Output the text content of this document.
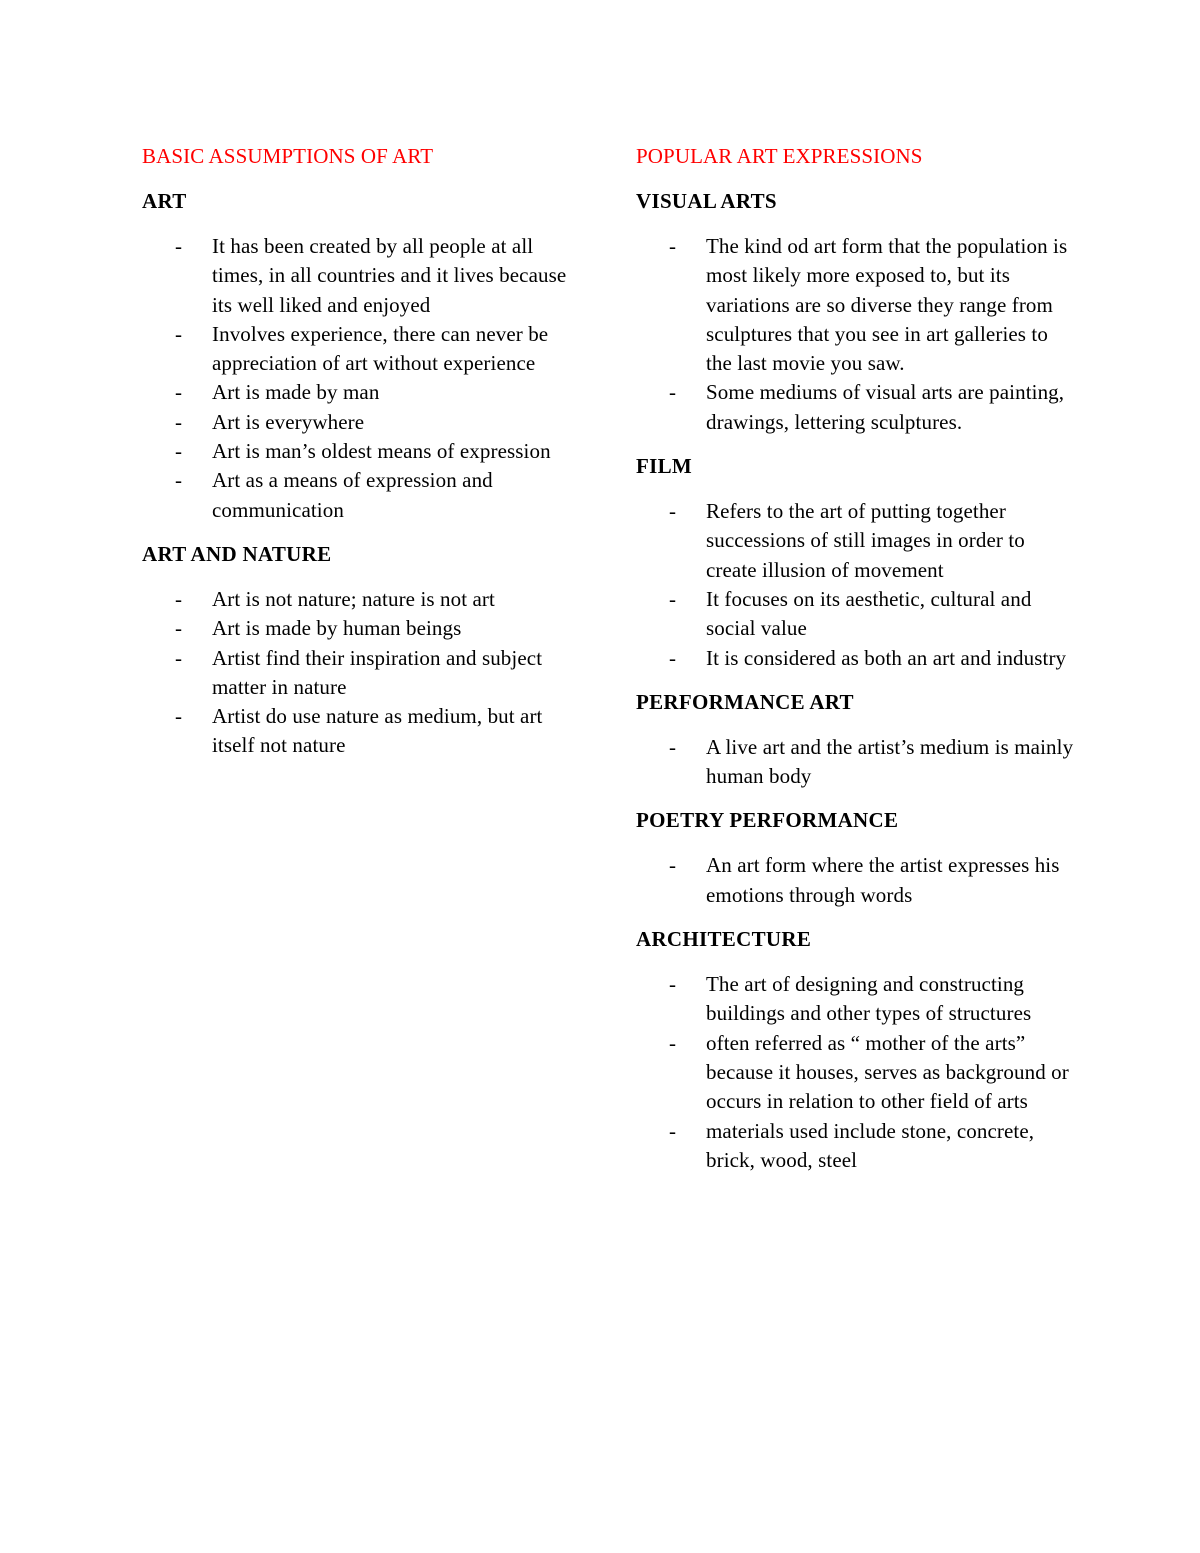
BASIC ASSUMPTIONS OF ART
ART
- It has been created by all people at all times, in all countries and it lives because its well liked and enjoyed
- Involves experience, there can never be appreciation of art without experience
- Art is made by man
- Art is everywhere
- Art is man’s oldest means of expression
- Art as a means of expression and communication
ART AND NATURE
- Art is not nature; nature is not art
- Art is made by human beings
- Artist find their inspiration and subject matter in nature
- Artist do use nature as medium, but art itself not nature
POPULAR ART EXPRESSIONS
VISUAL ARTS
- The kind od art form that the population is most likely more exposed to, but its variations are so diverse they range from sculptures that you see in art galleries to the last movie you saw.
- Some mediums of visual arts are painting, drawings, lettering sculptures.
FILM
- Refers to the art of putting together successions of still images in order to create illusion of movement
- It focuses on its aesthetic, cultural and social value
- It is considered as both an art and industry
PERFORMANCE ART
- A live art and the artist’s medium is mainly human body
POETRY PERFORMANCE
- An art form where the artist expresses his emotions through words
ARCHITECTURE
- The art of designing and constructing buildings and other types of structures
- often referred as “ mother of the arts” because it houses, serves as background or occurs in relation to other field of arts
- materials used include stone, concrete, brick, wood, steel
